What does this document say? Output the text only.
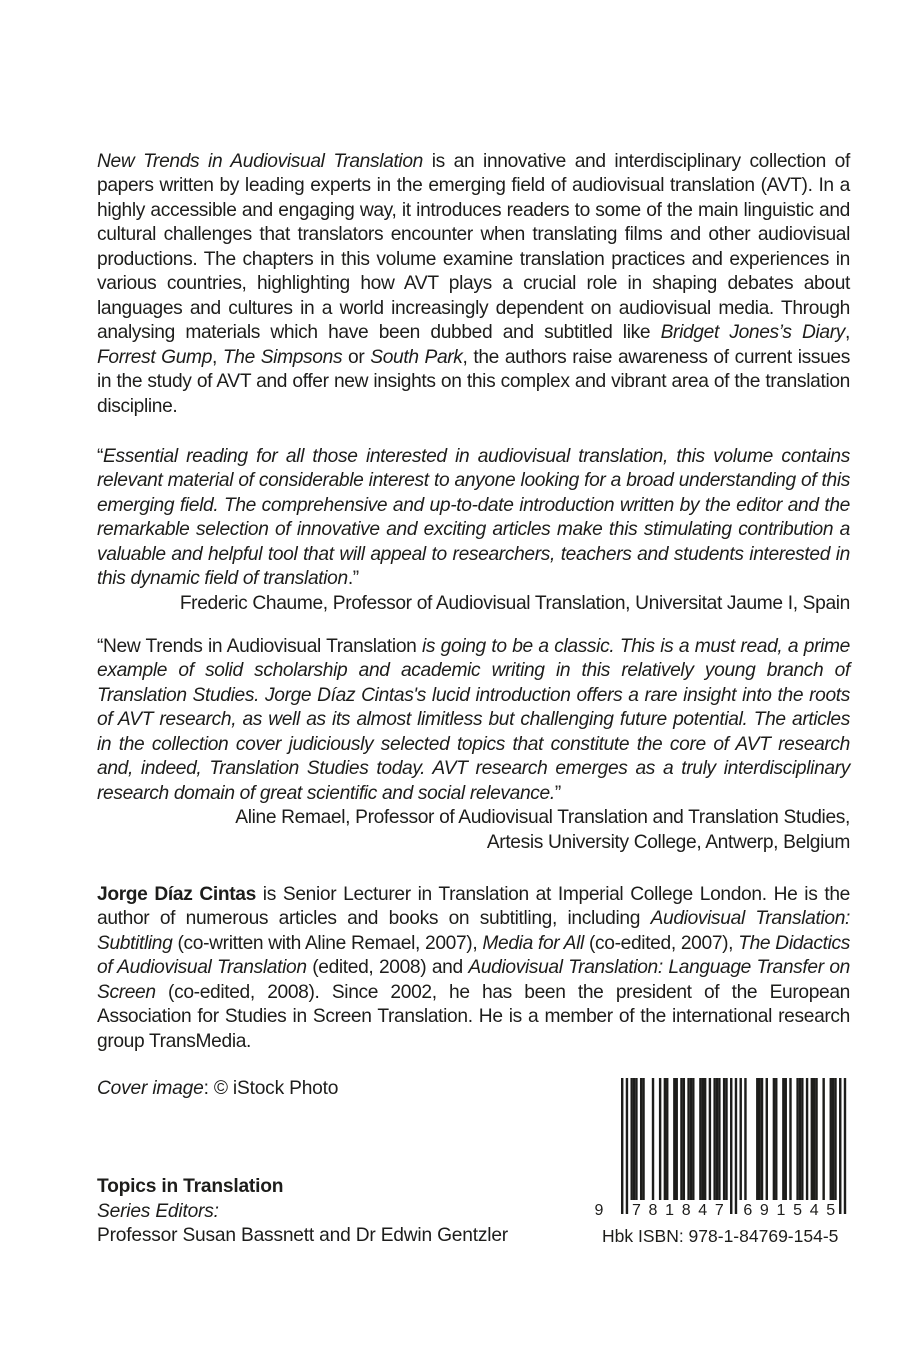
New Trends in Audiovisual Translation is an innovative and interdisciplinary collection of papers written by leading experts in the emerging field of audiovisual translation (AVT). In a highly accessible and engaging way, it introduces readers to some of the main linguistic and cultural challenges that translators encounter when translating films and other audiovisual productions. The chapters in this volume examine translation practices and experiences in various countries, highlighting how AVT plays a crucial role in shaping debates about languages and cultures in a world increasingly dependent on audiovisual media. Through analysing materials which have been dubbed and subtitled like Bridget Jones’s Diary, Forrest Gump, The Simpsons or South Park, the authors raise awareness of current issues in the study of AVT and offer new insights on this complex and vibrant area of the translation discipline.

“Essential reading for all those interested in audiovisual translation, this volume contains relevant material of considerable interest to anyone looking for a broad understanding of this emerging field. The comprehensive and up-to-date introduction written by the editor and the remarkable selection of innovative and exciting articles make this stimulating contribution a valuable and helpful tool that will appeal to researchers, teachers and students interested in this dynamic field of translation.”

Frederic Chaume, Professor of Audiovisual Translation, Universitat Jaume I, Spain

“New Trends in Audiovisual Translation is going to be a classic. This is a must read, a prime example of solid scholarship and academic writing in this relatively young branch of Translation Studies. Jorge Díaz Cintas's lucid introduction offers a rare insight into the roots of AVT research, as well as its almost limitless but challenging future potential. The articles in the collection cover judiciously selected topics that constitute the core of AVT research and, indeed, Translation Studies today. AVT research emerges as a truly interdisciplinary research domain of great scientific and social relevance.”

Aline Remael, Professor of Audiovisual Translation and Translation Studies,

Artesis University College, Antwerp, Belgium

Jorge Díaz Cintas is Senior Lecturer in Translation at Imperial College London. He is the author of numerous articles and books on subtitling, including Audiovisual Translation: Subtitling (co-written with Aline Remael, 2007), Media for All (co-edited, 2007), The Didactics of Audiovisual Translation (edited, 2008) and Audiovisual Translation: Language Transfer on Screen (co-edited, 2008). Since 2002, he has been the president of the European Association for Studies in Screen Translation. He is a member of the international research group TransMedia.

Cover image: © iStock Photo
Topics in Translation
Series Editors:
Professor Susan Bassnett and Dr Edwin Gentzler
9 7 8 1 8 4 7 6 9 1 5 4 5
Hbk ISBN: 978-1-84769-154-5
